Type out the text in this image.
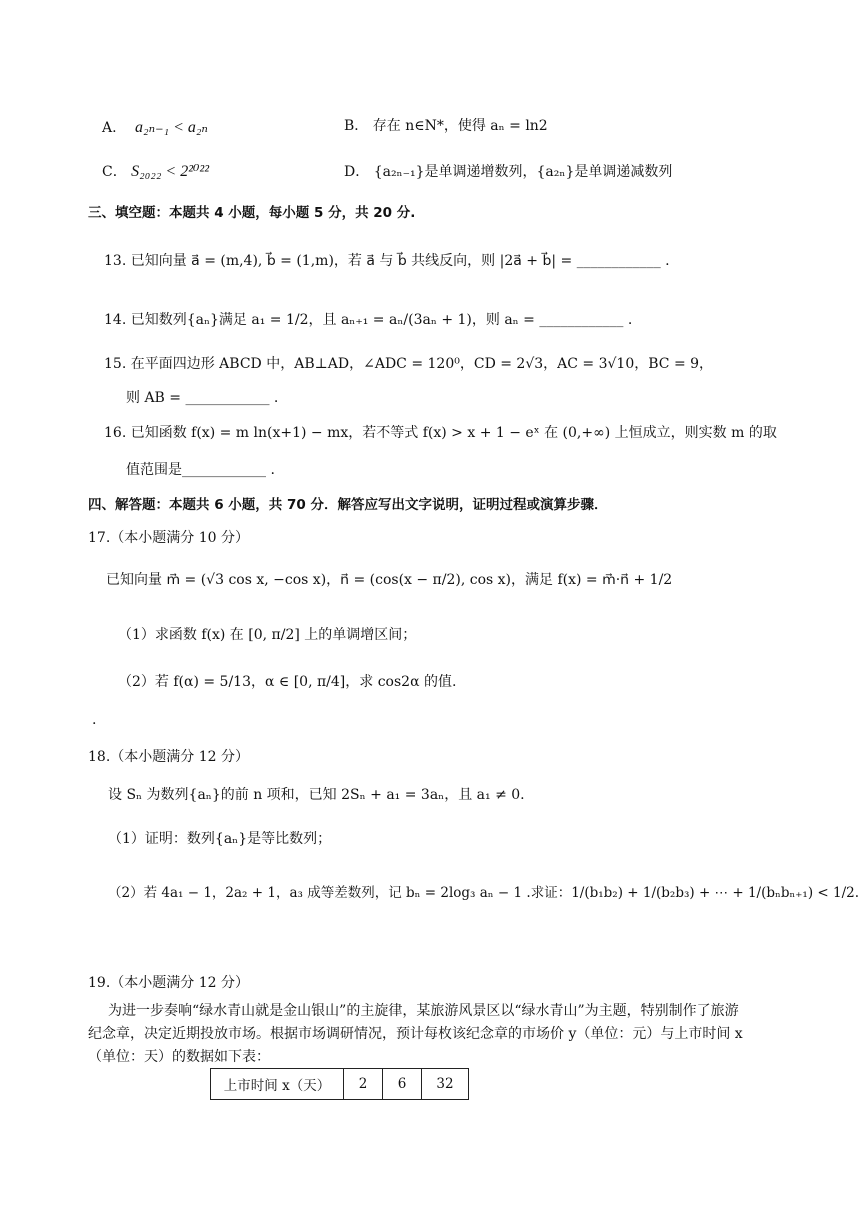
A. a₂ₙ₋₁ < a₂ₙ	B． 存在 n∈N*，使得 aₙ = ln2
C． S₂₀₂₂ < 2²⁰²²	D． {a₂ₙ₋₁}是单调递增数列，{a₂ₙ}是单调递减数列
三、填空题：本题共 4 小题，每小题 5 分，共 20 分.
13. 已知向量 a⃗ = (m,4), b⃗ = (1,m)，若 a⃗ 与 b⃗ 共线反向，则 |2a⃗ + b⃗| = ____________ .
14. 已知数列{aₙ}满足 a₁ = 1/2，且 aₙ₊₁ = aₙ/(3aₙ + 1)，则 aₙ = ____________ .
15. 在平面四边形 ABCD 中，AB⊥AD，∠ADC = 120⁰，CD = 2√3，AC = 3√10，BC = 9，
则 AB = ____________ .
16. 已知函数 f(x) = m ln(x+1) − mx，若不等式 f(x) > x + 1 − eˣ 在 (0,+∞) 上恒成立，则实数 m 的取
值范围是____________ .
四、解答题：本题共 6 小题，共 70 分．解答应写出文字说明，证明过程或演算步骤．
17.（本小题满分 10 分）
已知向量 m⃗ = (√3 cos x, −cos x)，n⃗ = (cos(x − π/2), cos x)，满足 f(x) = m⃗·n⃗ + 1/2
（1）求函数 f(x) 在 [0, π/2] 上的单调增区间；
（2）若 f(α) = 5/13，α ∈ [0, π/4]，求 cos2α 的值.
.
18.（本小题满分 12 分）
设 Sₙ 为数列{aₙ}的前 n 项和，已知 2Sₙ + a₁ = 3aₙ，且 a₁ ≠ 0.
（1）证明：数列{aₙ}是等比数列；
（2）若 4a₁ − 1，2a₂ + 1，a₃ 成等差数列，记 bₙ = 2log₃ aₙ − 1 .求证：1/(b₁b₂) + 1/(b₂b₃) + ⋯ + 1/(bₙbₙ₊₁) < 1/2.
19.（本小题满分 12 分）
为进一步奏响“绿水青山就是金山银山”的主旋律，某旅游风景区以“绿水青山”为主题，特别制作了旅游
纪念章，决定近期投放市场。根据市场调研情况，预计每枚该纪念章的市场价 y（单位：元）与上市时间 x
（单位：天）的数据如下表：
上市时间 x（天）	2	6	32
